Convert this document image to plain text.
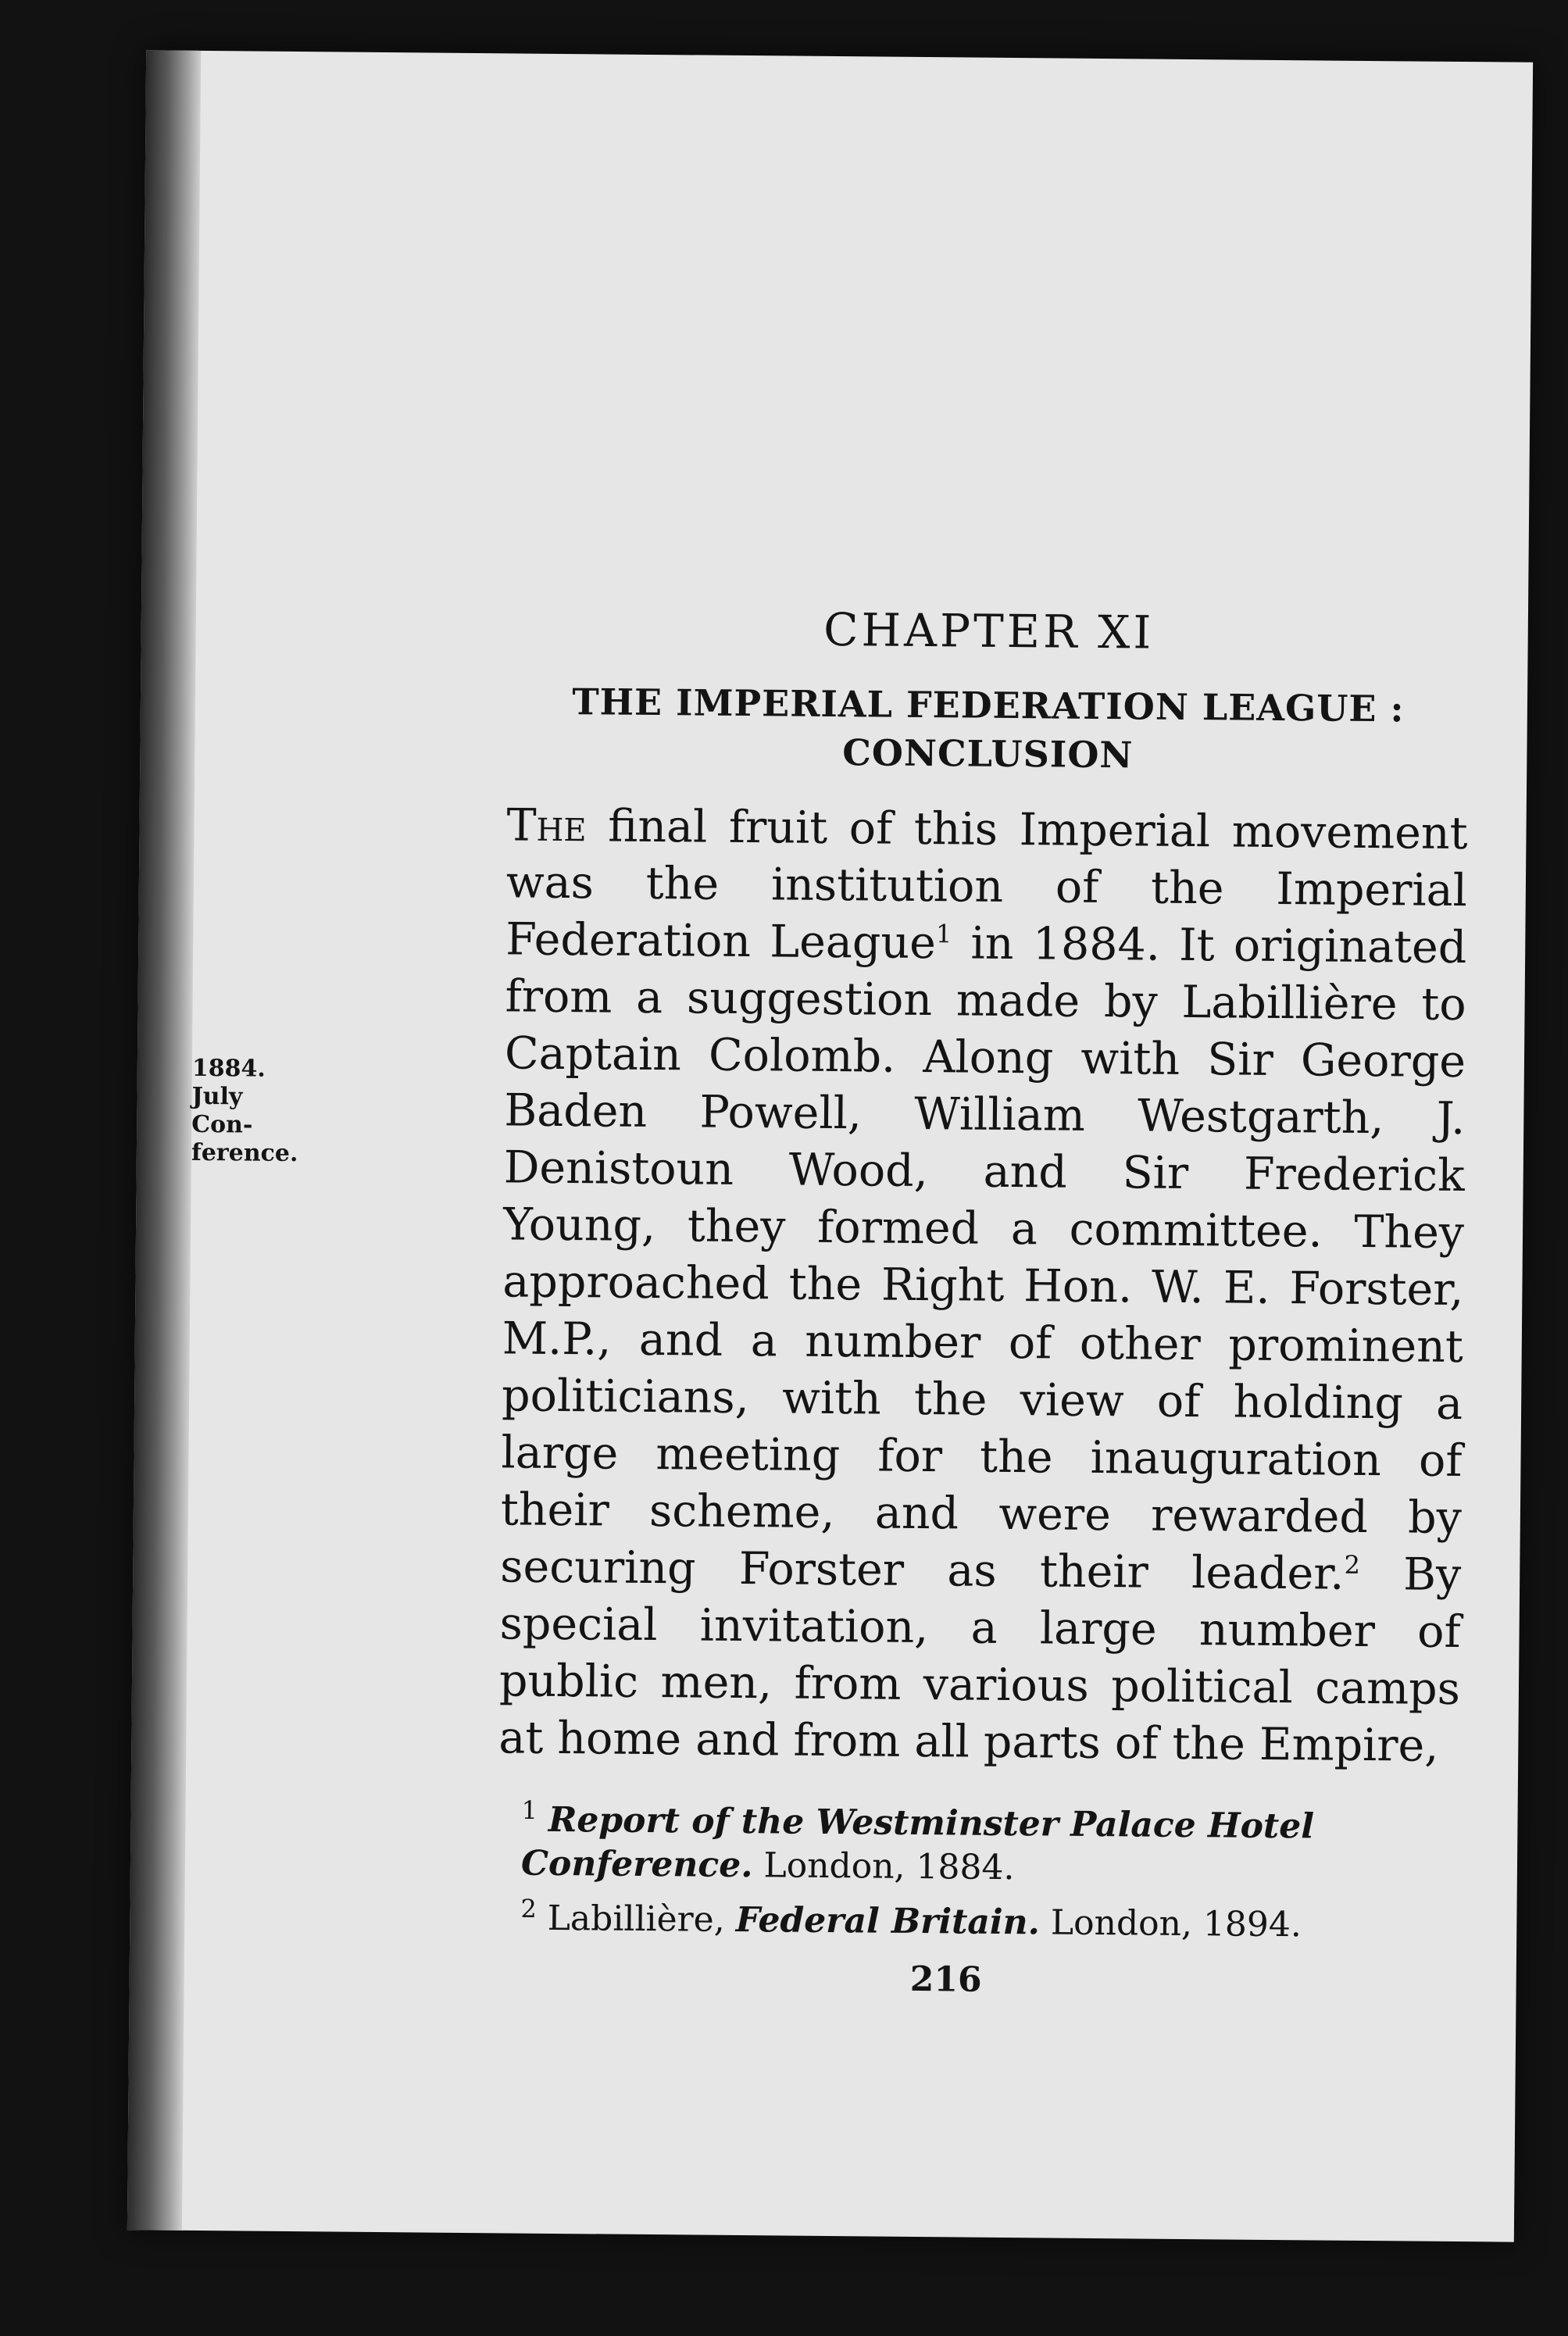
1884.
July Con-
ference.
CHAPTER XI
THE IMPERIAL FEDERATION LEAGUE :
CONCLUSION

The final fruit of this Imperial movement was the institution of the Imperial Federation League$^1$ in 1884. It originated from a suggestion made by Labillière to Captain Colomb. Along with Sir George Baden Powell, William Westgarth, J. Denistoun Wood, and Sir Frederick Young, they formed a committee. They approached the Right Hon. W. E. Forster, M.P., and a number of other prominent politicians, with the view of holding a large meeting for the inauguration of their scheme, and were rewarded by securing Forster as their leader.$^2$ By special invitation, a large number of public men, from various political camps at home and from all parts of the Empire,

$^1$ Report of the Westminster Palace Hotel Conference. London, 1884.

$^2$ Labillière, Federal Britain. London, 1894.

216
